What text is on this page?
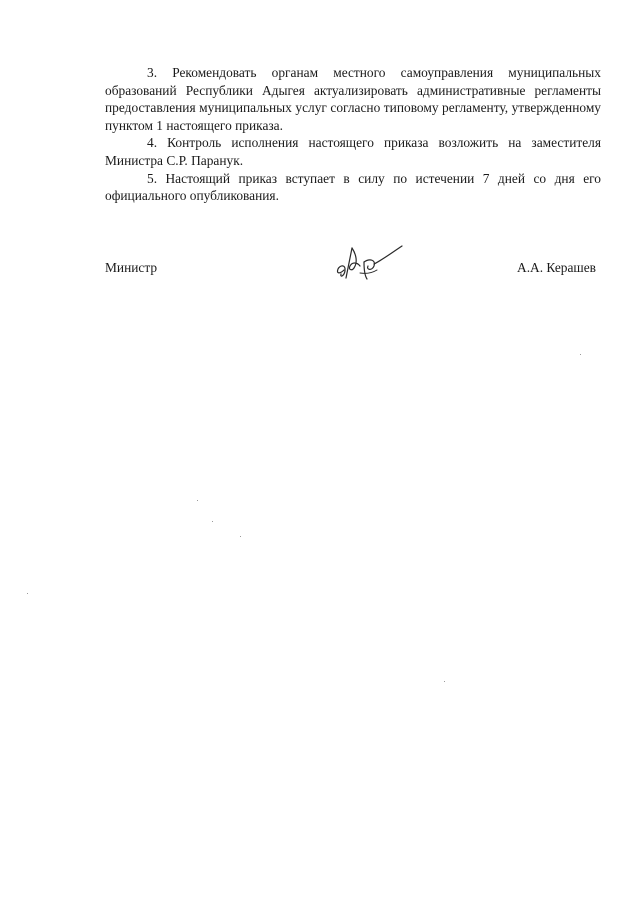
3. Рекомендовать органам местного самоуправления муниципальных образований Республики Адыгея актуализировать административные регламенты предоставления муниципальных услуг согласно типовому регламенту, утвержденному пунктом 1 настоящего приказа.

4. Контроль исполнения настоящего приказа возложить на заместителя Министра С.Р. Паранук.

5. Настоящий приказ вступает в силу по истечении 7 дней со дня его официального опубликования.

Министр	А.А. Керашев
